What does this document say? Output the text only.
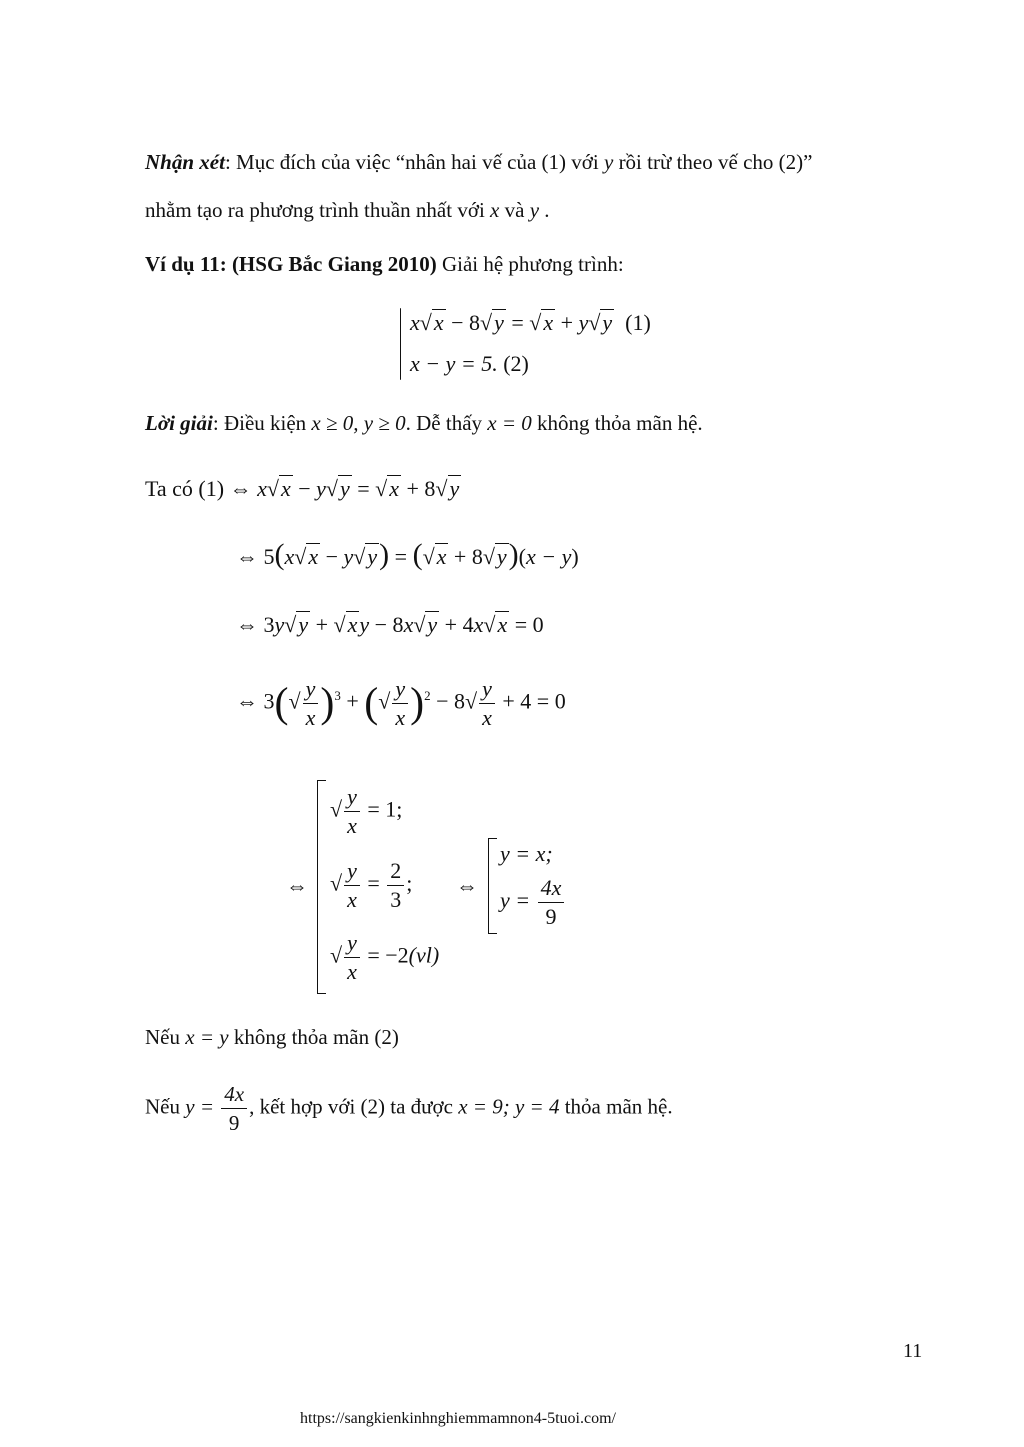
Nhận xét: Mục đích của việc “nhân hai vế của (1) với y rồi trừ theo vế cho (2)”
nhằm tạo ra phương trình thuần nhất với x và y .
Ví dụ 11: (HSG Bắc Giang 2010) Giải hệ phương trình:
x√x − 8√y = √x + y√y (1)
x − y = 5. (2)
Lời giải: Điều kiện x ≥ 0, y ≥ 0. Dễ thấy x = 0 không thỏa mãn hệ.
Ta có (1) ⇔ x√x − y√y = √x + 8√y
⇔ 5(x√x − y√y) = (√x + 8√y)(x − y)
⇔ 3y√y + √xy − 8x√y + 4x√x = 0
⇔ $3(√ \frac{y}{x} )^3$ + (√ $\frac{y}{x} )^2 - 8√ \frac{y}{x} + 4 = 0$
⇔
√ $\frac{y}{x} = 1$;
√ $\frac{y}{x} = \frac{2}{3}$ ;
√ $\frac{y}{x} = -2(vl)$
⇔
y = x;
$y = \frac{4x}{9}$
Nếu x = y không thỏa mãn (2)
Nếu $y = \frac{4x}{9}$ , kết hợp với (2) ta được x = 9; y = 4 thỏa mãn hệ.
11
https://sangkienkinhnghiemmamnon4-5tuoi.com/
